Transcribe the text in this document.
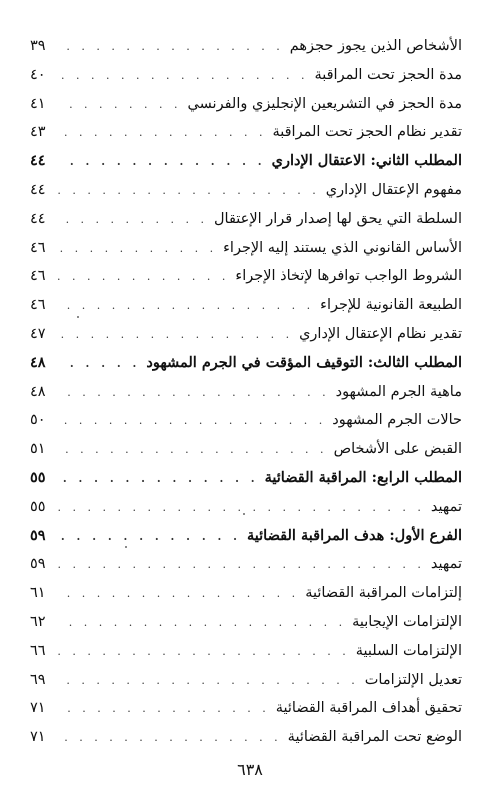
الأشخاص الذين يجوز حجزهم
. . .
٣٩
مدة الحجز تحت المراقبة
. . .
٤٠
مدة الحجز في التشريعين الإنجليزي والفرنسي
. . .
٤١
تقدير نظام الحجز تحت المراقبة
. . .
٤٣
المطلب الثاني: الاعتقال الإداري
. . .
٤٤
مفهوم الإعتقال الإداري
. . .
٤٤
السلطة التي يحق لها إصدار قرار الإعتقال
. . .
٤٤
الأساس القانوني الذي يستند إليه الإجراء
. . .
٤٦
الشروط الواجب توافرها لإتخاذ الإجراء
. . .
٤٦
الطبيعة القانونية للإجراء
. . .
٤٦
تقدير نظام الإعتقال الإداري
. . .
٤٧
المطلب الثالث: التوقيف المؤقت في الجرم المشهود
. . .
٤٨
ماهية الجرم المشهود
. . .
٤٨
حالات الجرم المشهود
. . .
٥٠
القبض على الأشخاص
. . .
٥١
المطلب الرابع: المراقبة القضائية
. . .
٥٥
تمهيد
. . .
٥٥
الفرع الأول: هدف المراقبة القضائية
. . .
٥٩
تمهيد
. . .
٥٩
إلتزامات المراقبة القضائية
. . .
٦١
الإلتزامات الإيجابية
. . .
٦٢
الإلتزامات السلبية
. . .
٦٦
تعديل الإلتزامات
. . .
٦٩
تحقيق أهداف المراقبة القضائية
. . .
٧١
الوضع تحت المراقبة القضائية
. . .
٧١
٦٣٨
